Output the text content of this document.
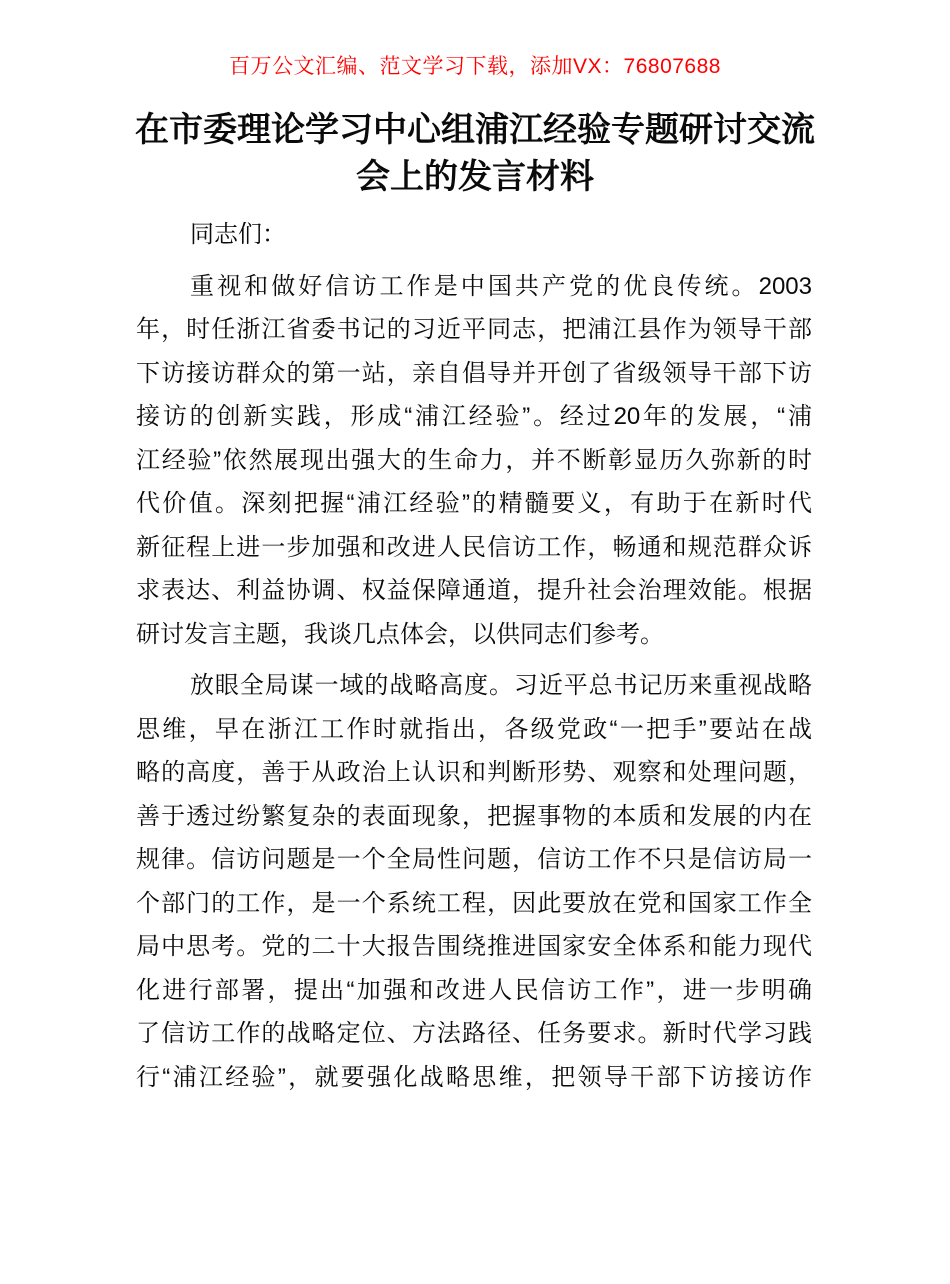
百万公文汇编、范文学习下载，添加VX：76807688
在市委理论学习中心组浦江经验专题研讨交流
会上的发言材料
同志们：
重视和做好信访工作是中国共产党的优良传统。2003
年，时任浙江省委书记的习近平同志，把浦江县作为领导干部
下访接访群众的第一站，亲自倡导并开创了省级领导干部下访
接访的创新实践，形成“浦江经验”。经过20年的发展，“浦
江经验”依然展现出强大的生命力，并不断彰显历久弥新的时
代价值。深刻把握“浦江经验”的精髓要义，有助于在新时代
新征程上进一步加强和改进人民信访工作，畅通和规范群众诉
求表达、利益协调、权益保障通道，提升社会治理效能。根据
研讨发言主题，我谈几点体会，以供同志们参考。
放眼全局谋一域的战略高度。习近平总书记历来重视战略
思维，早在浙江工作时就指出，各级党政“一把手”要站在战
略的高度，善于从政治上认识和判断形势、观察和处理问题，
善于透过纷繁复杂的表面现象，把握事物的本质和发展的内在
规律。信访问题是一个全局性问题，信访工作不只是信访局一
个部门的工作，是一个系统工程，因此要放在党和国家工作全
局中思考。党的二十大报告围绕推进国家安全体系和能力现代
化进行部署，提出“加强和改进人民信访工作”，进一步明确
了信访工作的战略定位、方法路径、任务要求。新时代学习践
行“浦江经验”，就要强化战略思维，把领导干部下访接访作
